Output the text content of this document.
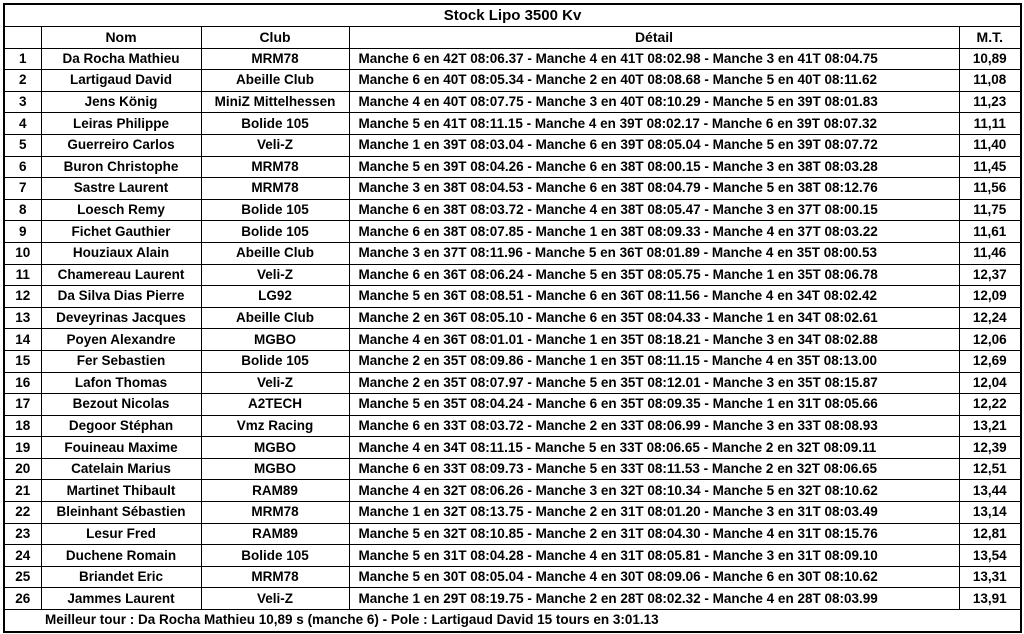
Stock Lipo 3500 Kv				
	Nom	Club	Détail	M.T.
1	Da Rocha Mathieu	MRM78	Manche 6 en 42T 08:06.37 - Manche 4 en 41T 08:02.98 - Manche 3 en 41T 08:04.75	10,89
2	Lartigaud David	Abeille Club	Manche 6 en 40T 08:05.34 - Manche 2 en 40T 08:08.68 - Manche 5 en 40T 08:11.62	11,08
3	Jens König	MiniZ Mittelhessen	Manche 4 en 40T 08:07.75 - Manche 3 en 40T 08:10.29 - Manche 5 en 39T 08:01.83	11,23
4	Leiras Philippe	Bolide 105	Manche 5 en 41T 08:11.15 - Manche 4 en 39T 08:02.17 - Manche 6 en 39T 08:07.32	11,11
5	Guerreiro Carlos	Veli-Z	Manche 1 en 39T 08:03.04 - Manche 6 en 39T 08:05.04 - Manche 5 en 39T 08:07.72	11,40
6	Buron Christophe	MRM78	Manche 5 en 39T 08:04.26 - Manche 6 en 38T 08:00.15 - Manche 3 en 38T 08:03.28	11,45
7	Sastre Laurent	MRM78	Manche 3 en 38T 08:04.53 - Manche 6 en 38T 08:04.79 - Manche 5 en 38T 08:12.76	11,56
8	Loesch Remy	Bolide 105	Manche 6 en 38T 08:03.72 - Manche 4 en 38T 08:05.47 - Manche 3 en 37T 08:00.15	11,75
9	Fichet Gauthier	Bolide 105	Manche 6 en 38T 08:07.85 - Manche 1 en 38T 08:09.33 - Manche 4 en 37T 08:03.22	11,61
10	Houziaux Alain	Abeille Club	Manche 3 en 37T 08:11.96 - Manche 5 en 36T 08:01.89 - Manche 4 en 35T 08:00.53	11,46
11	Chamereau Laurent	Veli-Z	Manche 6 en 36T 08:06.24 - Manche 5 en 35T 08:05.75 - Manche 1 en 35T 08:06.78	12,37
12	Da Silva Dias Pierre	LG92	Manche 5 en 36T 08:08.51 - Manche 6 en 36T 08:11.56 - Manche 4 en 34T 08:02.42	12,09
13	Deveyrinas Jacques	Abeille Club	Manche 2 en 36T 08:05.10 - Manche 6 en 35T 08:04.33 - Manche 1 en 34T 08:02.61	12,24
14	Poyen Alexandre	MGBO	Manche 4 en 36T 08:01.01 - Manche 1 en 35T 08:18.21 - Manche 3 en 34T 08:02.88	12,06
15	Fer Sebastien	Bolide 105	Manche 2 en 35T 08:09.86 - Manche 1 en 35T 08:11.15 - Manche 4 en 35T 08:13.00	12,69
16	Lafon Thomas	Veli-Z	Manche 2 en 35T 08:07.97 - Manche 5 en 35T 08:12.01 - Manche 3 en 35T 08:15.87	12,04
17	Bezout Nicolas	A2TECH	Manche 5 en 35T 08:04.24 - Manche 6 en 35T 08:09.35 - Manche 1 en 31T 08:05.66	12,22
18	Degoor Stéphan	Vmz Racing	Manche 6 en 33T 08:03.72 - Manche 2 en 33T 08:06.99 - Manche 3 en 33T 08:08.93	13,21
19	Fouineau Maxime	MGBO	Manche 4 en 34T 08:11.15 - Manche 5 en 33T 08:06.65 - Manche 2 en 32T 08:09.11	12,39
20	Catelain Marius	MGBO	Manche 6 en 33T 08:09.73 - Manche 5 en 33T 08:11.53 - Manche 2 en 32T 08:06.65	12,51
21	Martinet Thibault	RAM89	Manche 4 en 32T 08:06.26 - Manche 3 en 32T 08:10.34 - Manche 5 en 32T 08:10.62	13,44
22	Bleinhant Sébastien	MRM78	Manche 1 en 32T 08:13.75 - Manche 2 en 31T 08:01.20 - Manche 3 en 31T 08:03.49	13,14
23	Lesur Fred	RAM89	Manche 5 en 32T 08:10.85 - Manche 2 en 31T 08:04.30 - Manche 4 en 31T 08:15.76	12,81
24	Duchene Romain	Bolide 105	Manche 5 en 31T 08:04.28 - Manche 4 en 31T 08:05.81 - Manche 3 en 31T 08:09.10	13,54
25	Briandet Eric	MRM78	Manche 5 en 30T 08:05.04 - Manche 4 en 30T 08:09.06 - Manche 6 en 30T 08:10.62	13,31
26	Jammes Laurent	Veli-Z	Manche 1 en 29T 08:19.75 - Manche 2 en 28T 08:02.32 - Manche 4 en 28T 08:03.99	13,91
Meilleur tour : Da Rocha Mathieu 10,89 s (manche 6) - Pole : Lartigaud David 15 tours en 3:01.13				
